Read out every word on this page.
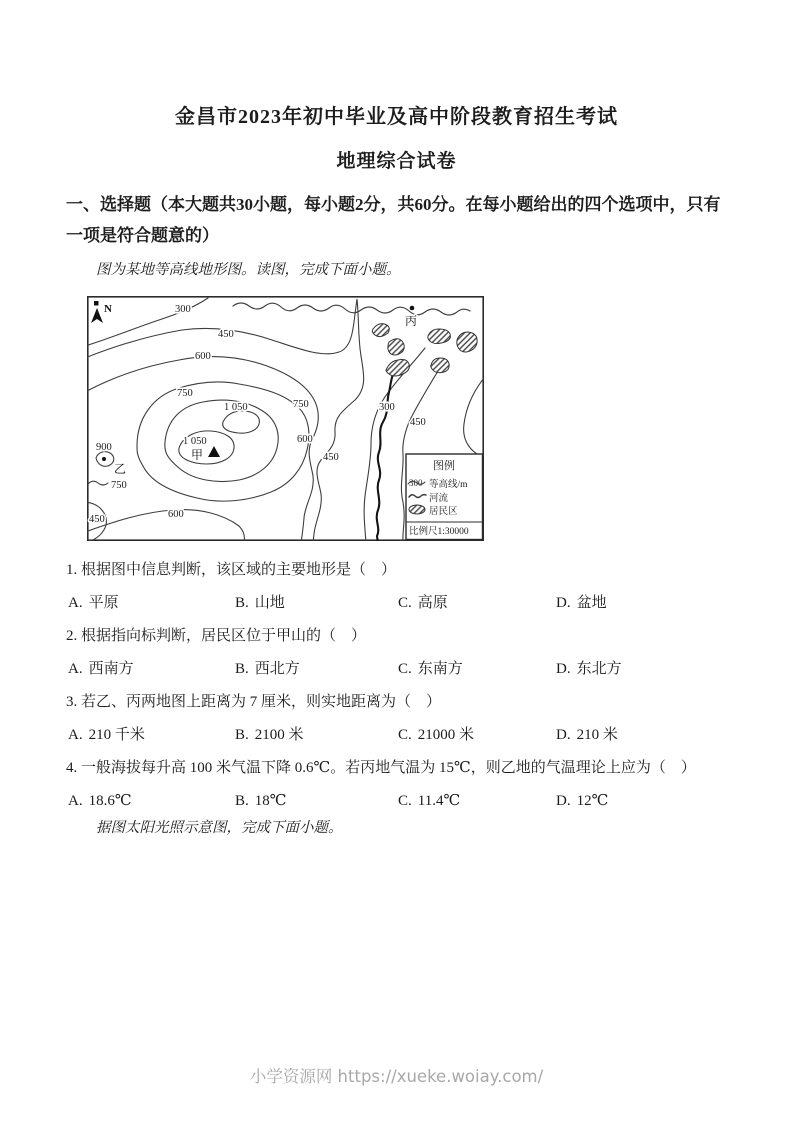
金昌市2023年初中毕业及高中阶段教育招生考试
地理综合试卷
一、选择题（本大题共30小题，每小题2分，共60分。在每小题给出的四个选项中，只有一项是符合题意的）
图为某地等高线地形图。读图，完成下面小题。
N	300
450
600
750
1 050
1 050
900
750
450	600
750
600
450
300
450
甲
乙
丙
图例
300 等高线/m
河流
居民区
比例尺1:30000
1. 根据图中信息判断，该区域的主要地形是（　）
A. 平原	B. 山地	C. 高原	D. 盆地
2. 根据指向标判断，居民区位于甲山的（　）
A. 西南方	B. 西北方	C. 东南方	D. 东北方
3. 若乙、丙两地图上距离为 7 厘米，则实地距离为（　）
A. 210 千米	B. 2100 米	C. 21000 米	D. 210 米
4. 一般海拔每升高 100 米气温下降 0.6℃。若丙地气温为 15℃，则乙地的气温理论上应为（　）
A. 18.6℃	B. 18℃	C. 11.4℃	D. 12℃
据图太阳光照示意图，完成下面小题。
小学资源网 https://xueke.woiay.com/
